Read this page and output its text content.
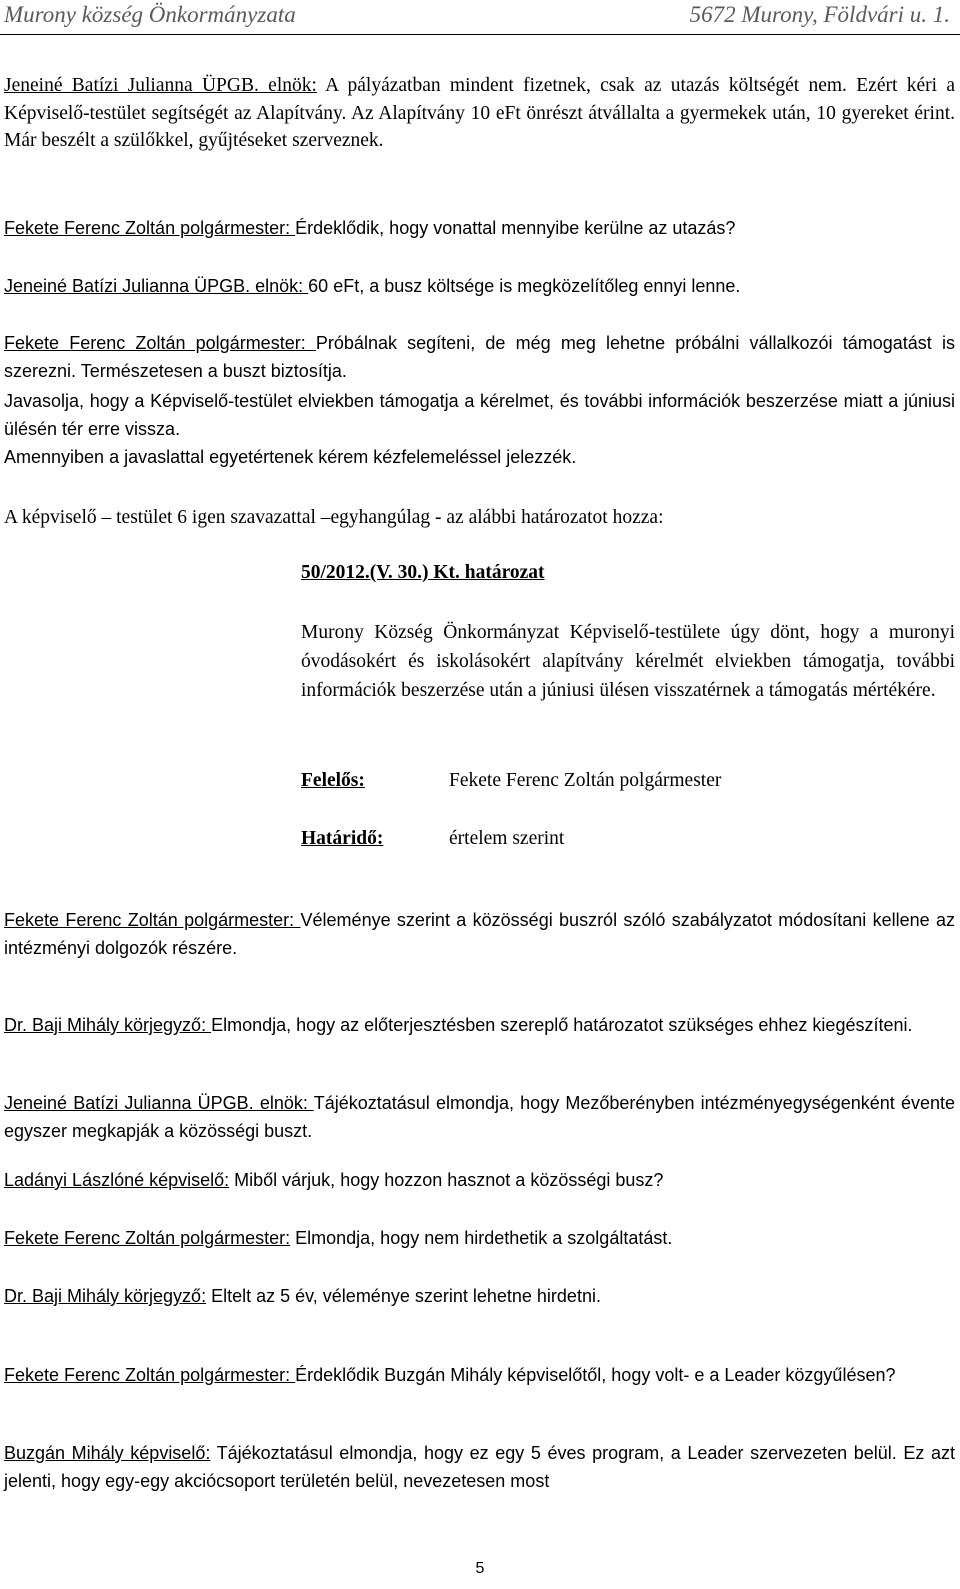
Murony község Önkormányzata	5672 Murony, Földvári u. 1.

Jeneiné Batízi Julianna ÜPGB. elnök: A pályázatban mindent fizetnek, csak az utazás költségét nem. Ezért kéri a Képviselő-testület segítségét az Alapítvány. Az Alapítvány 10 eFt önrészt átvállalta a gyermekek után, 10 gyereket érint. Már beszélt a szülőkkel, gyűjtéseket szerveznek.

Fekete Ferenc Zoltán polgármester: Érdeklődik, hogy vonattal mennyibe kerülne az utazás?

Jeneiné Batízi Julianna ÜPGB. elnök: 60 eFt, a busz költsége is megközelítőleg ennyi lenne.

Fekete Ferenc Zoltán polgármester: Próbálnak segíteni, de még meg lehetne próbálni vállalkozói támogatást is szerezni. Természetesen a buszt biztosítja.

Javasolja, hogy a Képviselő-testület elviekben támogatja a kérelmet, és további információk beszerzése miatt a júniusi ülésén tér erre vissza.

Amennyiben a javaslattal egyetértenek kérem kézfelemeléssel jelezzék.

A képviselő – testület 6 igen szavazattal –egyhangúlag - az alábbi határozatot hozza:

50/2012.(V. 30.) Kt. határozat

Murony Község Önkormányzat Képviselő-testülete úgy dönt, hogy a muronyi óvodásokért és iskolásokért alapítvány kérelmét elviekben támogatja, további információk beszerzése után a júniusi ülésen visszatérnek a támogatás mértékére.

Felelős:	Fekete Ferenc Zoltán polgármester
Határidő:	értelem szerint

Fekete Ferenc Zoltán polgármester: Véleménye szerint a közösségi buszról szóló szabályzatot módosítani kellene az intézményi dolgozók részére.

Dr. Baji Mihály körjegyző: Elmondja, hogy az előterjesztésben szereplő határozatot szükséges ehhez kiegészíteni.

Jeneiné Batízi Julianna ÜPGB. elnök: Tájékoztatásul elmondja, hogy Mezőberényben intézményegységenként évente egyszer megkapják a közösségi buszt.

Ladányi Lászlóné képviselő: Miből várjuk, hogy hozzon hasznot a közösségi busz?

Fekete Ferenc Zoltán polgármester: Elmondja, hogy nem hirdethetik a szolgáltatást.

Dr. Baji Mihály körjegyző: Eltelt az 5 év, véleménye szerint lehetne hirdetni.

Fekete Ferenc Zoltán polgármester: Érdeklődik Buzgán Mihály képviselőtől, hogy volt- e a Leader közgyűlésen?

Buzgán Mihály képviselő: Tájékoztatásul elmondja, hogy ez egy 5 éves program, a Leader szervezeten belül. Ez azt jelenti, hogy egy-egy akciócsoport területén belül, nevezetesen most

5
